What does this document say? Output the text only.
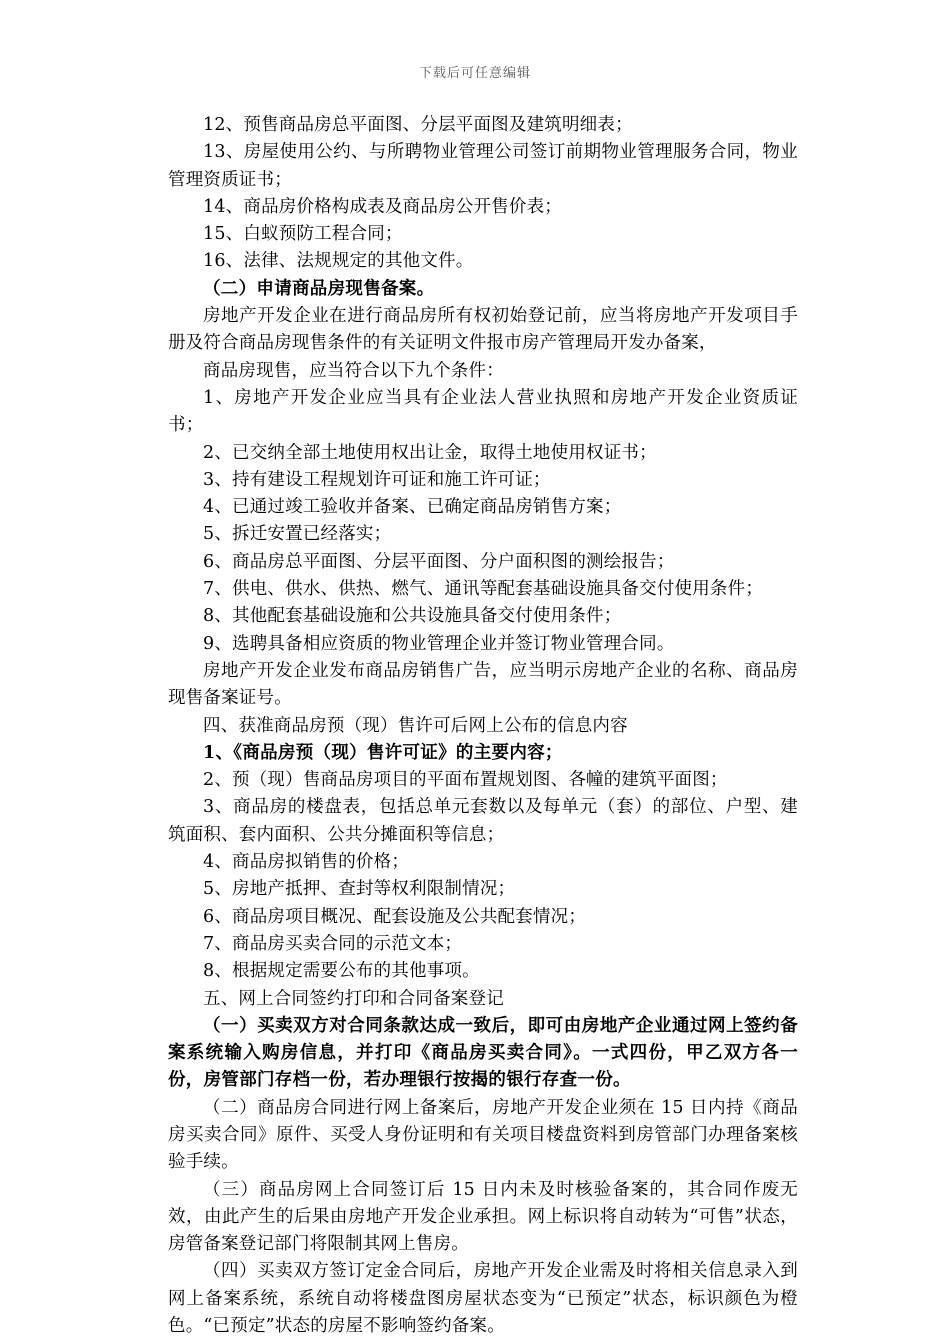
下载后可任意编辑

12、预售商品房总平面图、分层平面图及建筑明细表；

13、房屋使用公约、与所聘物业管理公司签订前期物业管理服务合同，物业管理资质证书；

14、商品房价格构成表及商品房公开售价表；

15、白蚁预防工程合同；

16、法律、法规规定的其他文件。

（二）申请商品房现售备案。

房地产开发企业在进行商品房所有权初始登记前，应当将房地产开发项目手册及符合商品房现售条件的有关证明文件报市房产管理局开发办备案，

商品房现售，应当符合以下九个条件：

1、房地产开发企业应当具有企业法人营业执照和房地产开发企业资质证书；

2、已交纳全部土地使用权出让金，取得土地使用权证书；

3、持有建设工程规划许可证和施工许可证；

4、已通过竣工验收并备案、已确定商品房销售方案；

5、拆迁安置已经落实；

6、商品房总平面图、分层平面图、分户面积图的测绘报告；

7、供电、供水、供热、燃气、通讯等配套基础设施具备交付使用条件；

8、其他配套基础设施和公共设施具备交付使用条件；

9、选聘具备相应资质的物业管理企业并签订物业管理合同。

房地产开发企业发布商品房销售广告，应当明示房地产企业的名称、商品房现售备案证号。

四、获准商品房预（现）售许可后网上公布的信息内容

1、《商品房预（现）售许可证》的主要内容；

2、预（现）售商品房项目的平面布置规划图、各幢的建筑平面图；

3、商品房的楼盘表，包括总单元套数以及每单元（套）的部位、户型、建筑面积、套内面积、公共分摊面积等信息；

4、商品房拟销售的价格；

5、房地产抵押、查封等权利限制情况；

6、商品房项目概况、配套设施及公共配套情况；

7、商品房买卖合同的示范文本；

8、根据规定需要公布的其他事项。

五、网上合同签约打印和合同备案登记

（一）买卖双方对合同条款达成一致后，即可由房地产企业通过网上签约备案系统输入购房信息，并打印《商品房买卖合同》。一式四份，甲乙双方各一份，房管部门存档一份，若办理银行按揭的银行存查一份。

（二）商品房合同进行网上备案后，房地产开发企业须在 15 日内持《商品房买卖合同》原件、买受人身份证明和有关项目楼盘资料到房管部门办理备案核验手续。

（三）商品房网上合同签订后 15 日内未及时核验备案的，其合同作废无效，由此产生的后果由房地产开发企业承担。网上标识将自动转为“可售”状态，房管备案登记部门将限制其网上售房。

（四）买卖双方签订定金合同后，房地产开发企业需及时将相关信息录入到网上备案系统，系统自动将楼盘图房屋状态变为“已预定”状态，标识颜色为橙色。“已预定”状态的房屋不影响签约备案。
